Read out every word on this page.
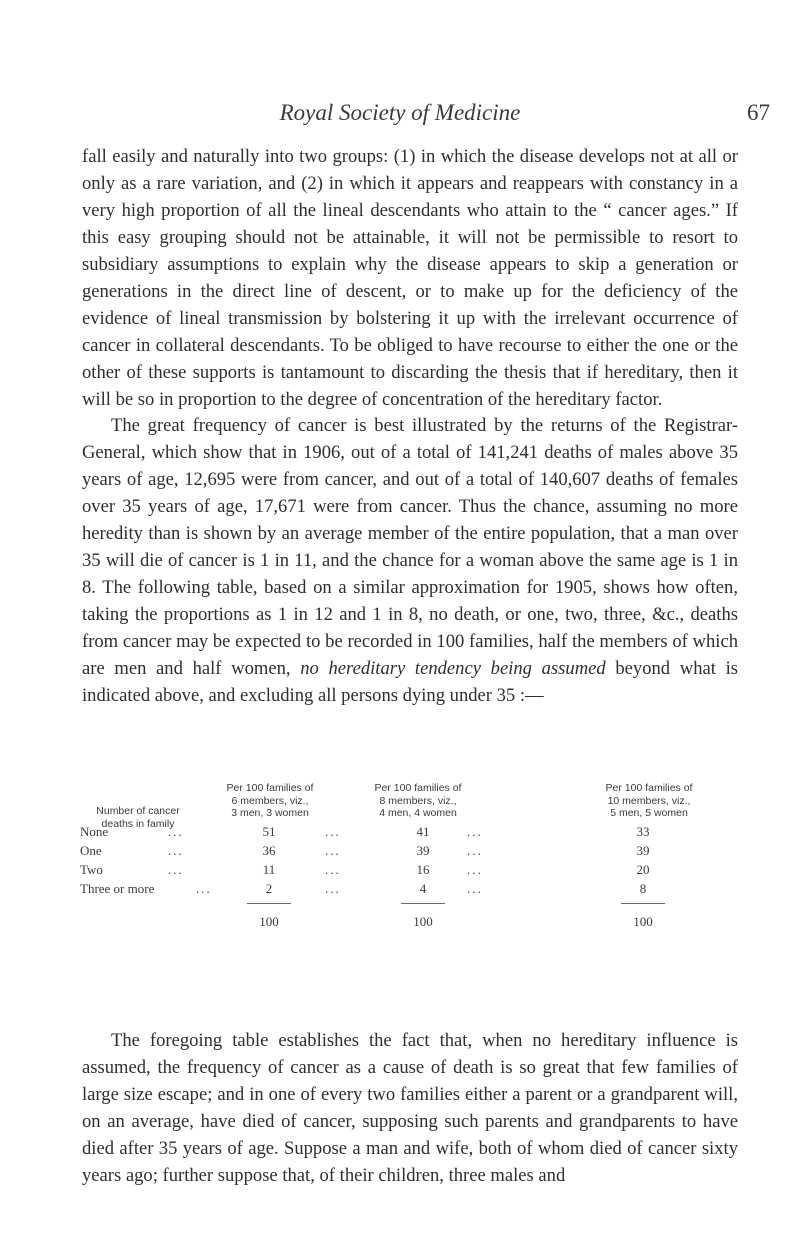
Royal Society of Medicine	67

fall easily and naturally into two groups: (1) in which the disease develops not at all or only as a rare variation, and (2) in which it appears and reappears with constancy in a very high proportion of all the lineal descendants who attain to the “ cancer ages.” If this easy grouping should not be attainable, it will not be permissible to resort to subsidiary assumptions to explain why the disease appears to skip a generation or generations in the direct line of descent, or to make up for the deficiency of the evidence of lineal transmission by bolstering it up with the irrelevant occurrence of cancer in collateral descendants. To be obliged to have recourse to either the one or the other of these supports is tantamount to discarding the thesis that if hereditary, then it will be so in proportion to the degree of concentration of the hereditary factor.

The great frequency of cancer is best illustrated by the returns of the Registrar-General, which show that in 1906, out of a total of 141,241 deaths of males above 35 years of age, 12,695 were from cancer, and out of a total of 140,607 deaths of females over 35 years of age, 17,671 were from cancer. Thus the chance, assuming no more heredity than is shown by an average member of the entire population, that a man over 35 will die of cancer is 1 in 11, and the chance for a woman above the same age is 1 in 8. The following table, based on a similar approximation for 1905, shows how often, taking the proportions as 1 in 12 and 1 in 8, no death, or one, two, three, &c., deaths from cancer may be expected to be recorded in 100 families, half the members of which are men and half women, no hereditary tendency being assumed beyond what is indicated above, and excluding all persons dying under 35 :—

Number of cancer
deaths in family
Per 100 families of
6 members, viz.,
3 men, 3 women
Per 100 families of
8 members, viz.,
4 men, 4 women
Per 100 families of
10 members, viz.,
5 men, 5 women
None	...	51	...	41	...	33
One	...	36	...	39	...	39
Two	...	11	...	16	...	20
Three or more	...	2	...	4	...	8
100	100	100

The foregoing table establishes the fact that, when no hereditary influence is assumed, the frequency of cancer as a cause of death is so great that few families of large size escape; and in one of every two families either a parent or a grandparent will, on an average, have died of cancer, supposing such parents and grandparents to have died after 35 years of age. Suppose a man and wife, both of whom died of cancer sixty years ago; further suppose that, of their children, three males and
